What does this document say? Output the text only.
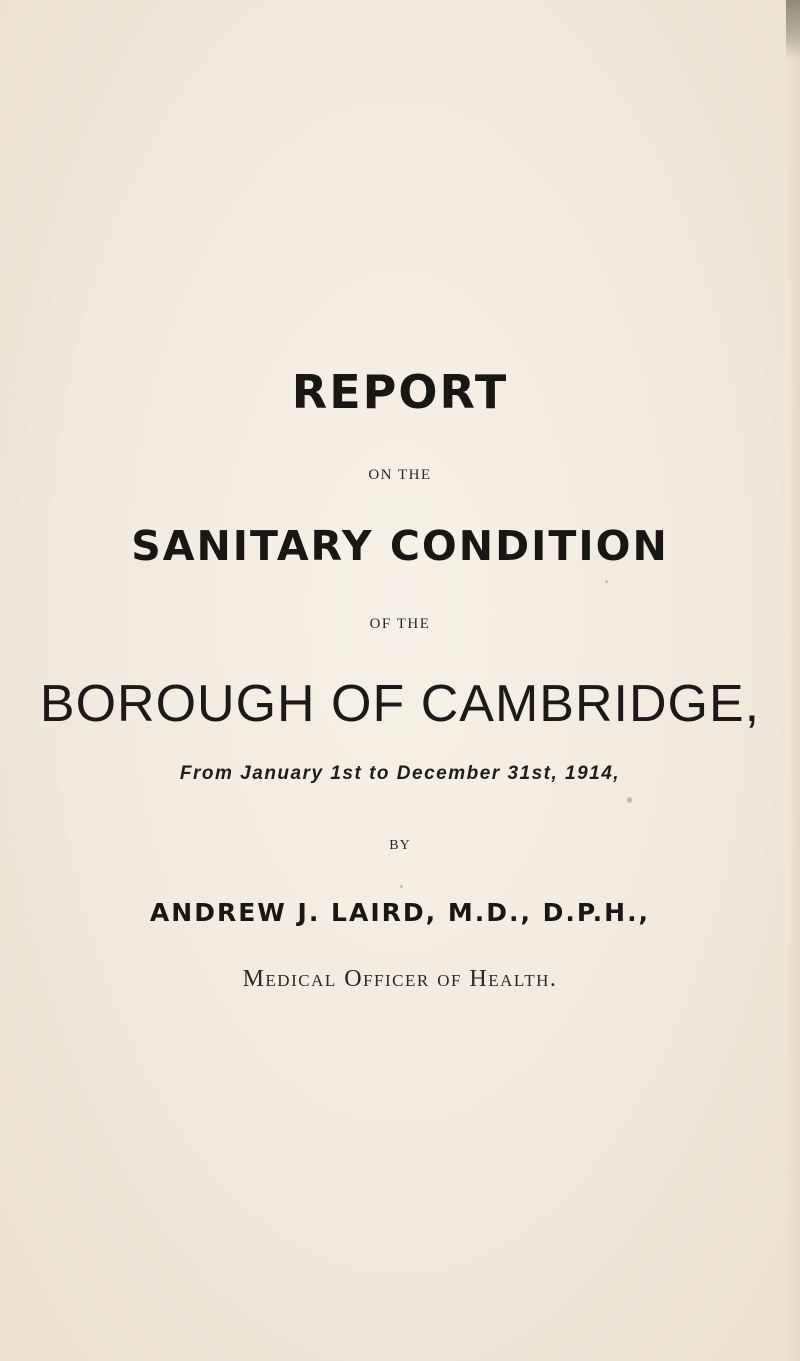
REPORT
ON THE
SANITARY CONDITION
OF THE
BOROUGH OF CAMBRIDGE,
From January 1st to December 31st, 1914,
BY
ANDREW J. LAIRD, M.D., D.P.H.,
Medical Officer of Health.
